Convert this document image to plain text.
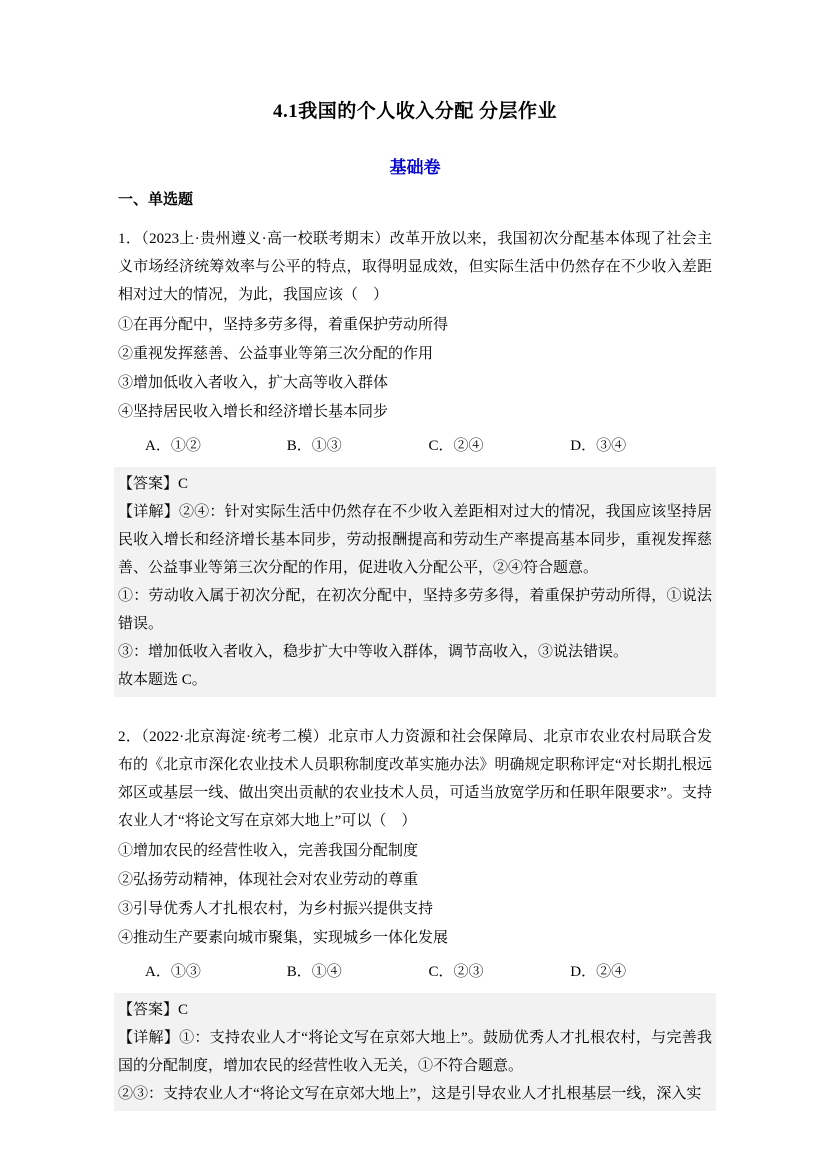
4.1我国的个人收入分配 分层作业
基础卷
一、单选题

1．（2023上·贵州遵义·高一校联考期末）改革开放以来，我国初次分配基本体现了社会主义市场经济统筹效率与公平的特点，取得明显成效，但实际生活中仍然存在不少收入差距相对过大的情况，为此，我国应该（　）

①在再分配中，坚持多劳多得，着重保护劳动所得

②重视发挥慈善、公益事业等第三次分配的作用

③增加低收入者收入，扩大高等收入群体

④坚持居民收入增长和经济增长基本同步

A．①②	B．①③	C．②④	D．③④

【答案】C

【详解】②④：针对实际生活中仍然存在不少收入差距相对过大的情况，我国应该坚持居民收入增长和经济增长基本同步，劳动报酬提高和劳动生产率提高基本同步，重视发挥慈善、公益事业等第三次分配的作用，促进收入分配公平，②④符合题意。

①：劳动收入属于初次分配，在初次分配中，坚持多劳多得，着重保护劳动所得，①说法错误。

③：增加低收入者收入，稳步扩大中等收入群体，调节高收入，③说法错误。

故本题选 C。

2．（2022·北京海淀·统考二模）北京市人力资源和社会保障局、北京市农业农村局联合发布的《北京市深化农业技术人员职称制度改革实施办法》明确规定职称评定“对长期扎根远郊区或基层一线、做出突出贡献的农业技术人员，可适当放宽学历和任职年限要求”。支持农业人才“将论文写在京郊大地上”可以（　）

①增加农民的经营性收入，完善我国分配制度

②弘扬劳动精神，体现社会对农业劳动的尊重

③引导优秀人才扎根农村，为乡村振兴提供支持

④推动生产要素向城市聚集，实现城乡一体化发展

A．①③	B．①④	C．②③	D．②④

【答案】C

【详解】①：支持农业人才“将论文写在京郊大地上”。鼓励优秀人才扎根农村，与完善我国的分配制度，增加农民的经营性收入无关，①不符合题意。

②③：支持农业人才“将论文写在京郊大地上”，这是引导农业人才扎根基层一线，深入实
